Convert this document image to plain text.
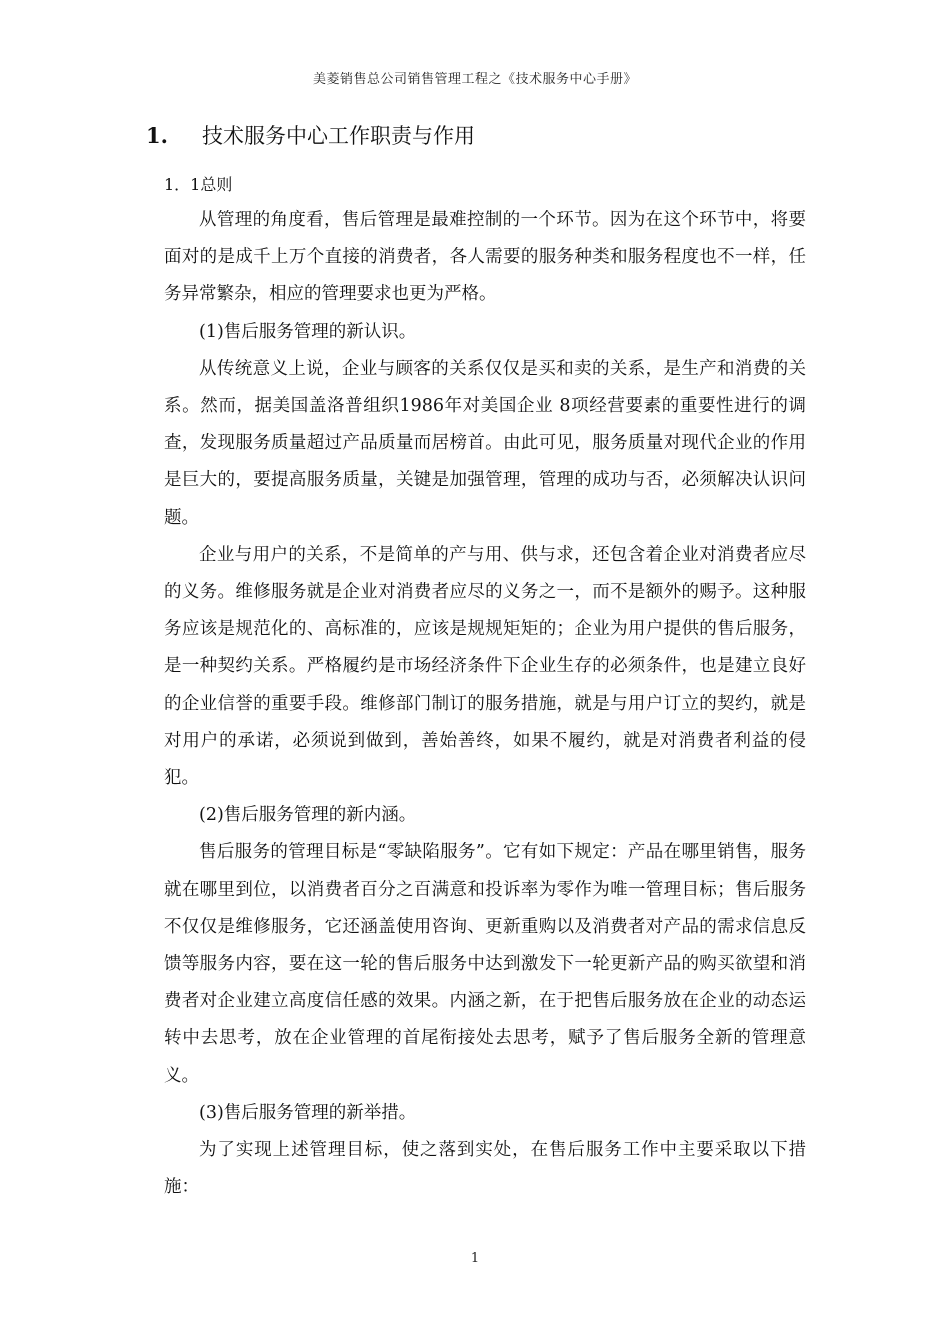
美菱销售总公司销售管理工程之《技术服务中心手册》
1.	技术服务中心工作职责与作用
1．1总则

从管理的角度看，售后管理是最难控制的一个环节。因为在这个环节中，将要面对的是成千上万个直接的消费者，各人需要的服务种类和服务程度也不一样，任务异常繁杂，相应的管理要求也更为严格。

(1)售后服务管理的新认识。

从传统意义上说，企业与顾客的关系仅仅是买和卖的关系，是生产和消费的关系。然而，据美国盖洛普组织1986年对美国企业 8项经营要素的重要性进行的调查，发现服务质量超过产品质量而居榜首。由此可见，服务质量对现代企业的作用是巨大的，要提高服务质量，关键是加强管理，管理的成功与否，必须解决认识问题。

企业与用户的关系，不是简单的产与用、供与求，还包含着企业对消费者应尽的义务。维修服务就是企业对消费者应尽的义务之一，而不是额外的赐予。这种服务应该是规范化的、高标准的，应该是规规矩矩的；企业为用户提供的售后服务，是一种契约关系。严格履约是市场经济条件下企业生存的必须条件，也是建立良好的企业信誉的重要手段。维修部门制订的服务措施，就是与用户订立的契约，就是对用户的承诺，必须说到做到，善始善终，如果不履约，就是对消费者利益的侵犯。

(2)售后服务管理的新内涵。

售后服务的管理目标是“零缺陷服务”。它有如下规定：产品在哪里销售，服务就在哪里到位，以消费者百分之百满意和投诉率为零作为唯一管理目标；售后服务不仅仅是维修服务，它还涵盖使用咨询、更新重购以及消费者对产品的需求信息反馈等服务内容，要在这一轮的售后服务中达到激发下一轮更新产品的购买欲望和消费者对企业建立高度信任感的效果。内涵之新，在于把售后服务放在企业的动态运转中去思考，放在企业管理的首尾衔接处去思考，赋予了售后服务全新的管理意义。

(3)售后服务管理的新举措。

为了实现上述管理目标，使之落到实处，在售后服务工作中主要采取以下措施：

1
